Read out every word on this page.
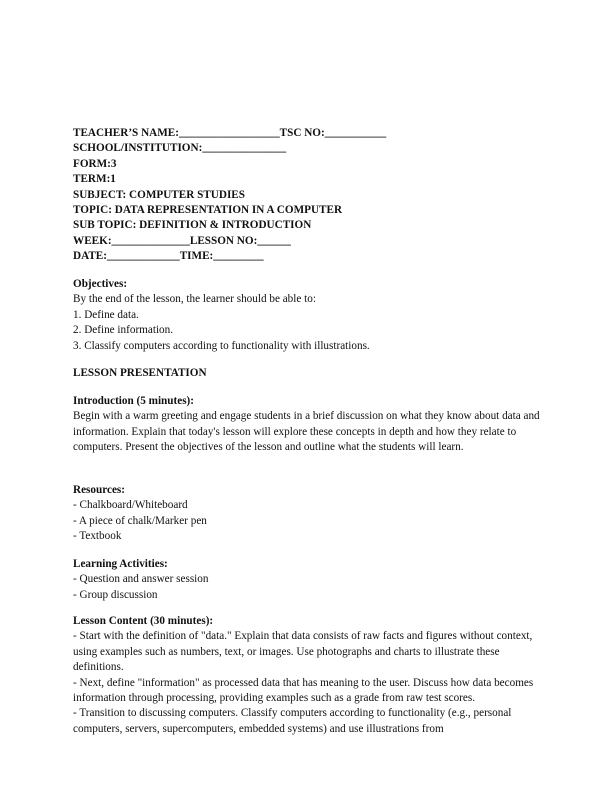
TEACHER’S NAME:__________________TSC NO:___________

SCHOOL/INSTITUTION:_______________

FORM:3

TERM:1

SUBJECT: COMPUTER STUDIES

TOPIC: DATA REPRESENTATION IN A COMPUTER

SUB TOPIC: DEFINITION & INTRODUCTION

WEEK:______________LESSON NO:______

DATE:_____________TIME:_________

Objectives:

By the end of the lesson, the learner should be able to:

1. Define data.

2. Define information.

3. Classify computers according to functionality with illustrations.

LESSON PRESENTATION

Introduction (5 minutes):

Begin with a warm greeting and engage students in a brief discussion on what they know about data and information. Explain that today's lesson will explore these concepts in depth and how they relate to computers. Present the objectives of the lesson and outline what the students will learn.

Resources:

- Chalkboard/Whiteboard

- A piece of chalk/Marker pen

- Textbook

Learning Activities:

- Question and answer session

- Group discussion

Lesson Content (30 minutes):

- Start with the definition of "data." Explain that data consists of raw facts and figures without context, using examples such as numbers, text, or images. Use photographs and charts to illustrate these definitions.

- Next, define "information" as processed data that has meaning to the user. Discuss how data becomes information through processing, providing examples such as a grade from raw test scores.

- Transition to discussing computers. Classify computers according to functionality (e.g., personal computers, servers, supercomputers, embedded systems) and use illustrations from
